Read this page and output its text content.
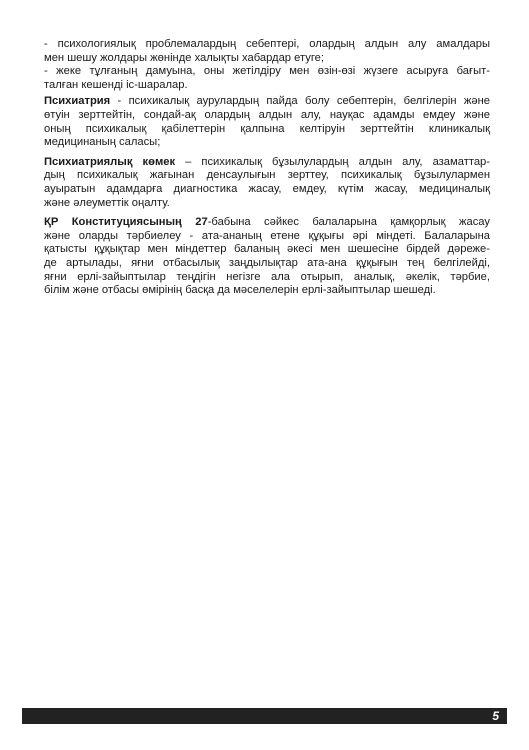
- психологиялық проблемалардың себептері, олардың алдын алу амалдары
мен шешу жолдары жөнінде халықты хабардар етуге;
- жеке тұлғаның дамуына, оны жетілдіру мен өзін-өзі жүзеге асыруға бағыт-
талған кешенді іс-шаралар.
Психиатрия - психикалық аурулардың пайда болу себептерін, белгілерін және
өтуін зерттейтін, сондай-ақ олардың алдын алу, науқас адамды емдеу және
оның психикалық қабілеттерін қалпына келтіруін зерттейтін клиникалық
медицинаның саласы;
Психиатриялық көмек – психикалық бұзылулардың алдын алу, азаматтар-
дың психикалық жағынан денсаулығын зерттеу, психикалық бұзылулармен
ауыратын адамдарға диагностика жасау, емдеу, күтім жасау, медициналық
және әлеуметтік оңалту.
ҚР Конституциясының 27-бабына сәйкес балаларына қамқорлық жасау
және оларды тәрбиелеу - ата-ананың етене құқығы әрі міндеті. Балаларына
қатысты құқықтар мен міндеттер баланың әкесі мен шешесіне бірдей дәреже-
де артылады, яғни отбасылық заңдылықтар ата-ана құқығын тең белгілейді,
яғни ерлі-зайыптылар теңдігін негізге ала отырып, аналық, әкелік, тәрбие,
білім және отбасы өмірінің басқа да мәселелерін ерлі-зайыптылар шешеді.
5
